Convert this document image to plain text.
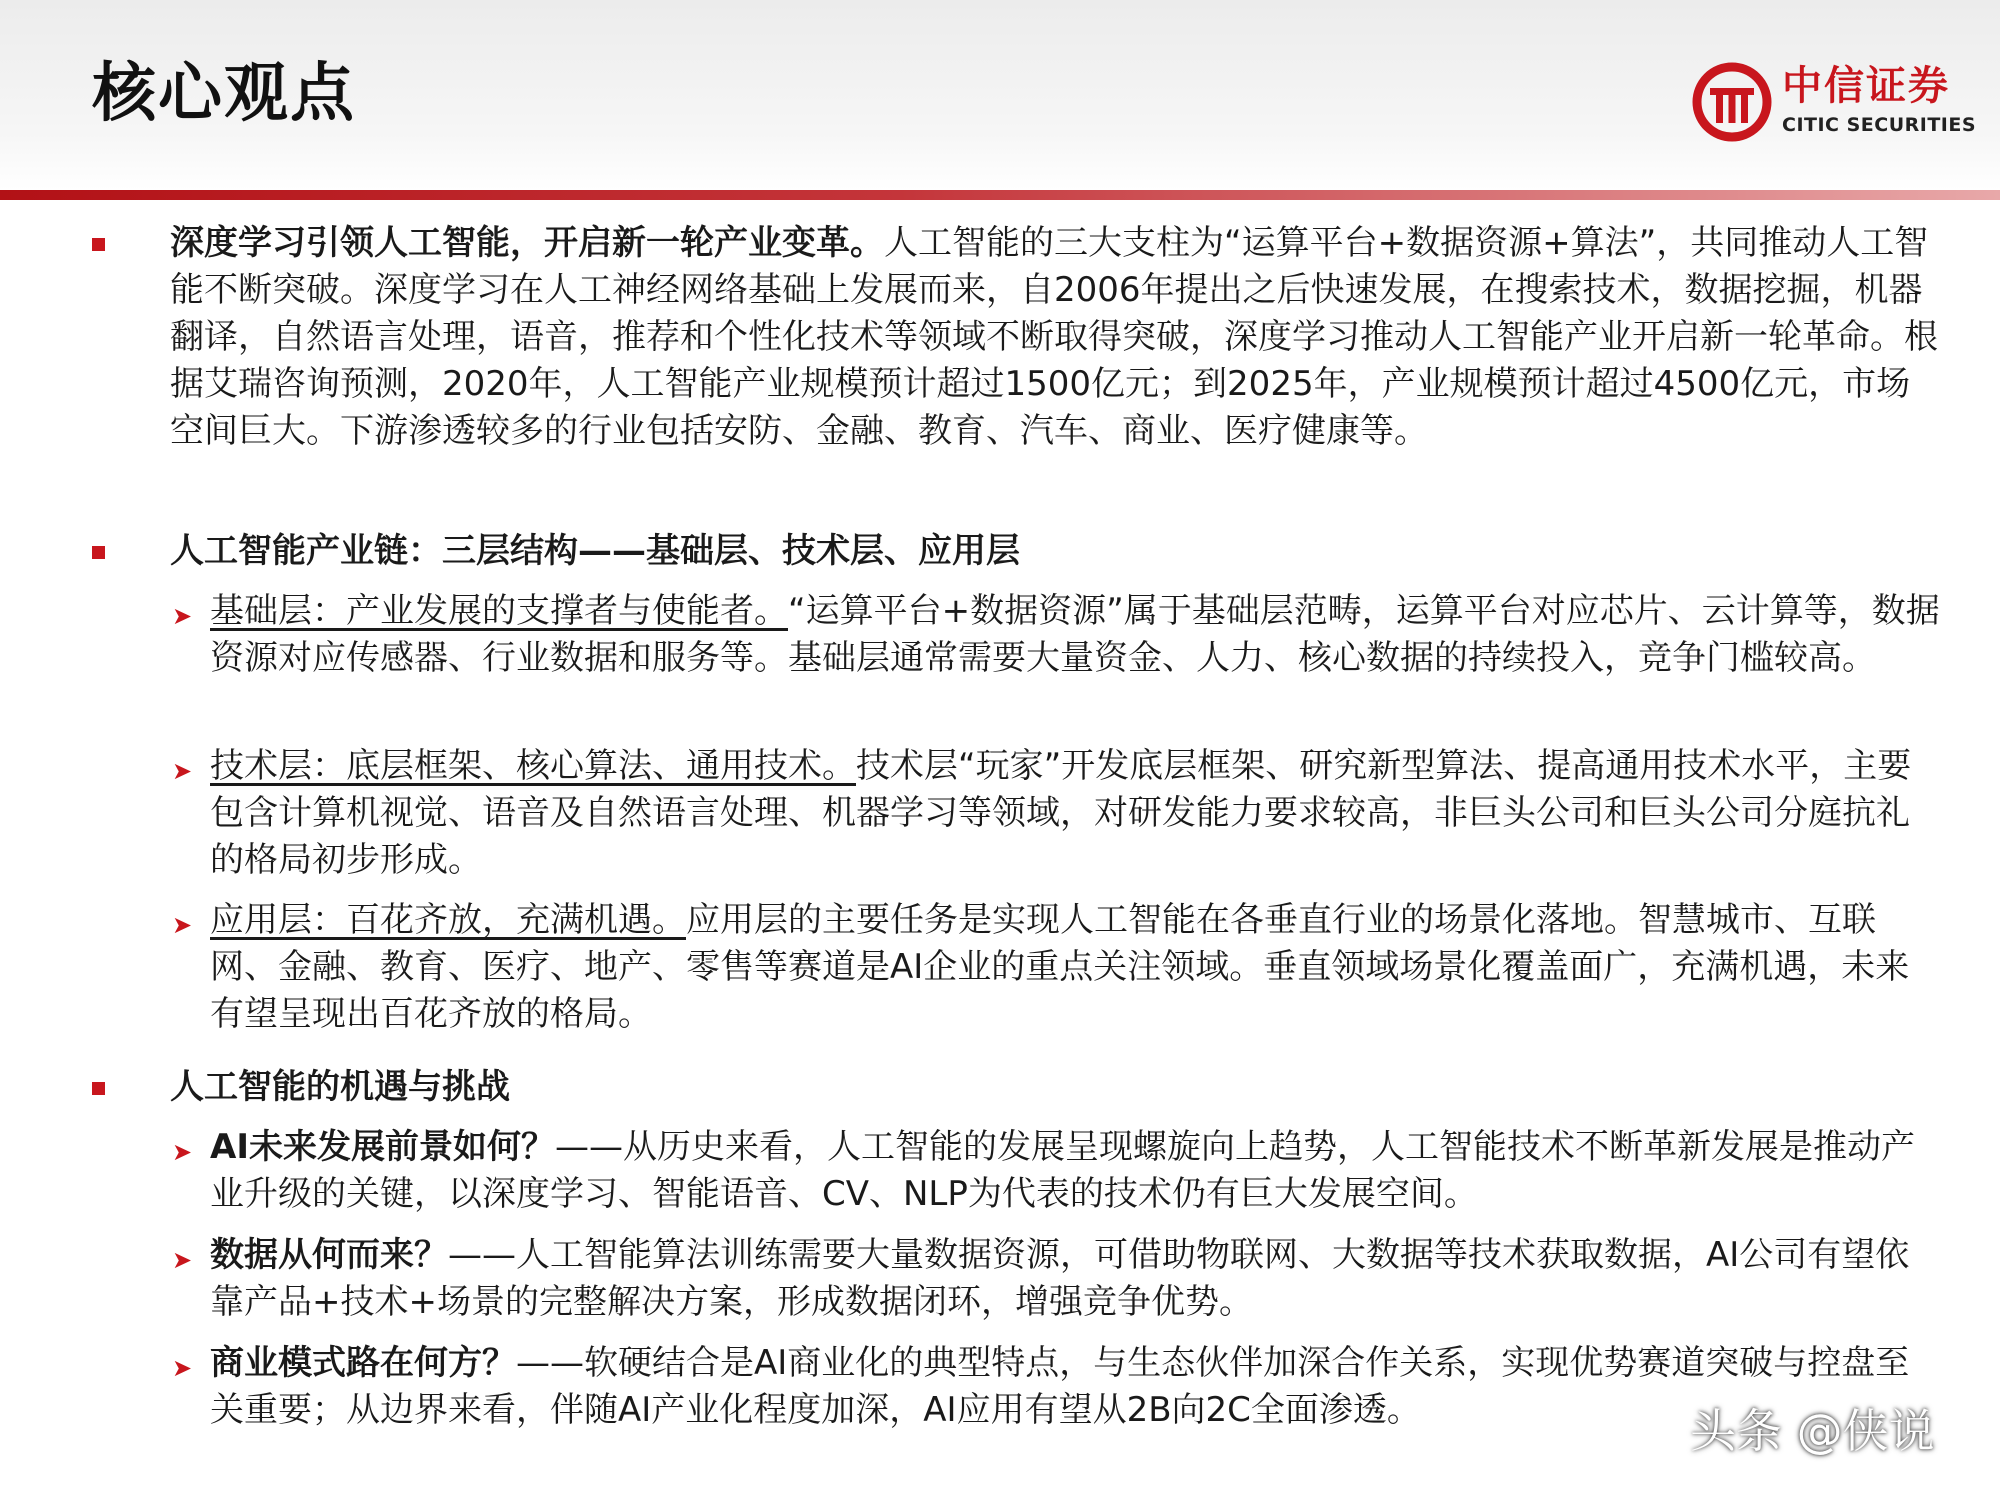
核心观点	中信证券
CITIC SECURITIES
深度学习引领人工智能，开启新一轮产业变革。人工智能的三大支柱为“运算平台+数据资源+算法”，共同推动人工智能不断突破。深度学习在人工神经网络基础上发展而来，自2006年提出之后快速发展，在搜索技术，数据挖掘，机器翻译，自然语言处理，语音，推荐和个性化技术等领域不断取得突破，深度学习推动人工智能产业开启新一轮革命。根据艾瑞咨询预测，2020年，人工智能产业规模预计超过1500亿元；到2025年，产业规模预计超过4500亿元，市场空间巨大。下游渗透较多的行业包括安防、金融、教育、汽车、商业、医疗健康等。
人工智能产业链：三层结构——基础层、技术层、应用层
➤ 基础层：产业发展的支撑者与使能者。“运算平台+数据资源”属于基础层范畴，运算平台对应芯片、云计算等，数据资源对应传感器、行业数据和服务等。基础层通常需要大量资金、人力、核心数据的持续投入，竞争门槛较高。
➤ 技术层：底层框架、核心算法、通用技术。技术层“玩家”开发底层框架、研究新型算法、提高通用技术水平，主要包含计算机视觉、语音及自然语言处理、机器学习等领域，对研发能力要求较高，非巨头公司和巨头公司分庭抗礼的格局初步形成。
➤ 应用层：百花齐放，充满机遇。应用层的主要任务是实现人工智能在各垂直行业的场景化落地。智慧城市、互联网、金融、教育、医疗、地产、零售等赛道是AI企业的重点关注领域。垂直领域场景化覆盖面广，充满机遇，未来有望呈现出百花齐放的格局。
人工智能的机遇与挑战
➤ AI未来发展前景如何？——从历史来看，人工智能的发展呈现螺旋向上趋势，人工智能技术不断革新发展是推动产业升级的关键，以深度学习、智能语音、CV、NLP为代表的技术仍有巨大发展空间。
➤ 数据从何而来？——人工智能算法训练需要大量数据资源，可借助物联网、大数据等技术获取数据，AI公司有望依靠产品+技术+场景的完整解决方案，形成数据闭环，增强竞争优势。
➤ 商业模式路在何方？——软硬结合是AI商业化的典型特点，与生态伙伴加深合作关系，实现优势赛道突破与控盘至关重要；从边界来看，伴随AI产业化程度加深，AI应用有望从2B向2C全面渗透。	头条 @侠说
